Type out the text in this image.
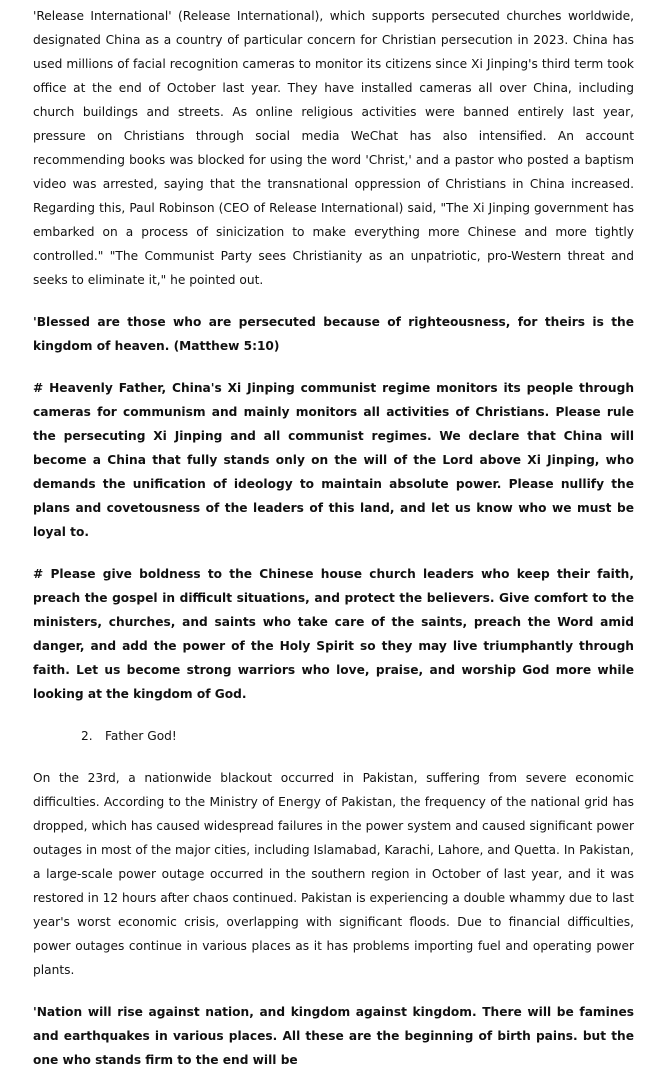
'Release International' (Release International), which supports persecuted churches worldwide, designated China as a country of particular concern for Christian persecution in 2023. China has used millions of facial recognition cameras to monitor its citizens since Xi Jinping's third term took office at the end of October last year. They have installed cameras all over China, including church buildings and streets. As online religious activities were banned entirely last year, pressure on Christians through social media WeChat has also intensified. An account recommending books was blocked for using the word 'Christ,' and a pastor who posted a baptism video was arrested, saying that the transnational oppression of Christians in China increased. Regarding this, Paul Robinson (CEO of Release International) said, "The Xi Jinping government has embarked on a process of sinicization to make everything more Chinese and more tightly controlled." "The Communist Party sees Christianity as an unpatriotic, pro-Western threat and seeks to eliminate it," he pointed out.

'Blessed are those who are persecuted because of righteousness, for theirs is the kingdom of heaven. (Matthew 5:10)

# Heavenly Father, China's Xi Jinping communist regime monitors its people through cameras for communism and mainly monitors all activities of Christians. Please rule the persecuting Xi Jinping and all communist regimes. We declare that China will become a China that fully stands only on the will of the Lord above Xi Jinping, who demands the unification of ideology to maintain absolute power. Please nullify the plans and covetousness of the leaders of this land, and let us know who we must be loyal to.

# Please give boldness to the Chinese house church leaders who keep their faith, preach the gospel in difficult situations, and protect the believers. Give comfort to the ministers, churches, and saints who take care of the saints, preach the Word amid danger, and add the power of the Holy Spirit so they may live triumphantly through faith. Let us become strong warriors who love, praise, and worship God more while looking at the kingdom of God.

2. Father God!

On the 23rd, a nationwide blackout occurred in Pakistan, suffering from severe economic difficulties. According to the Ministry of Energy of Pakistan, the frequency of the national grid has dropped, which has caused widespread failures in the power system and caused significant power outages in most of the major cities, including Islamabad, Karachi, Lahore, and Quetta. In Pakistan, a large-scale power outage occurred in the southern region in October of last year, and it was restored in 12 hours after chaos continued. Pakistan is experiencing a double whammy due to last year's worst economic crisis, overlapping with significant floods. Due to financial difficulties, power outages continue in various places as it has problems importing fuel and operating power plants.

'Nation will rise against nation, and kingdom against kingdom. There will be famines and earthquakes in various places. All these are the beginning of birth pains. but the one who stands firm to the end will be
